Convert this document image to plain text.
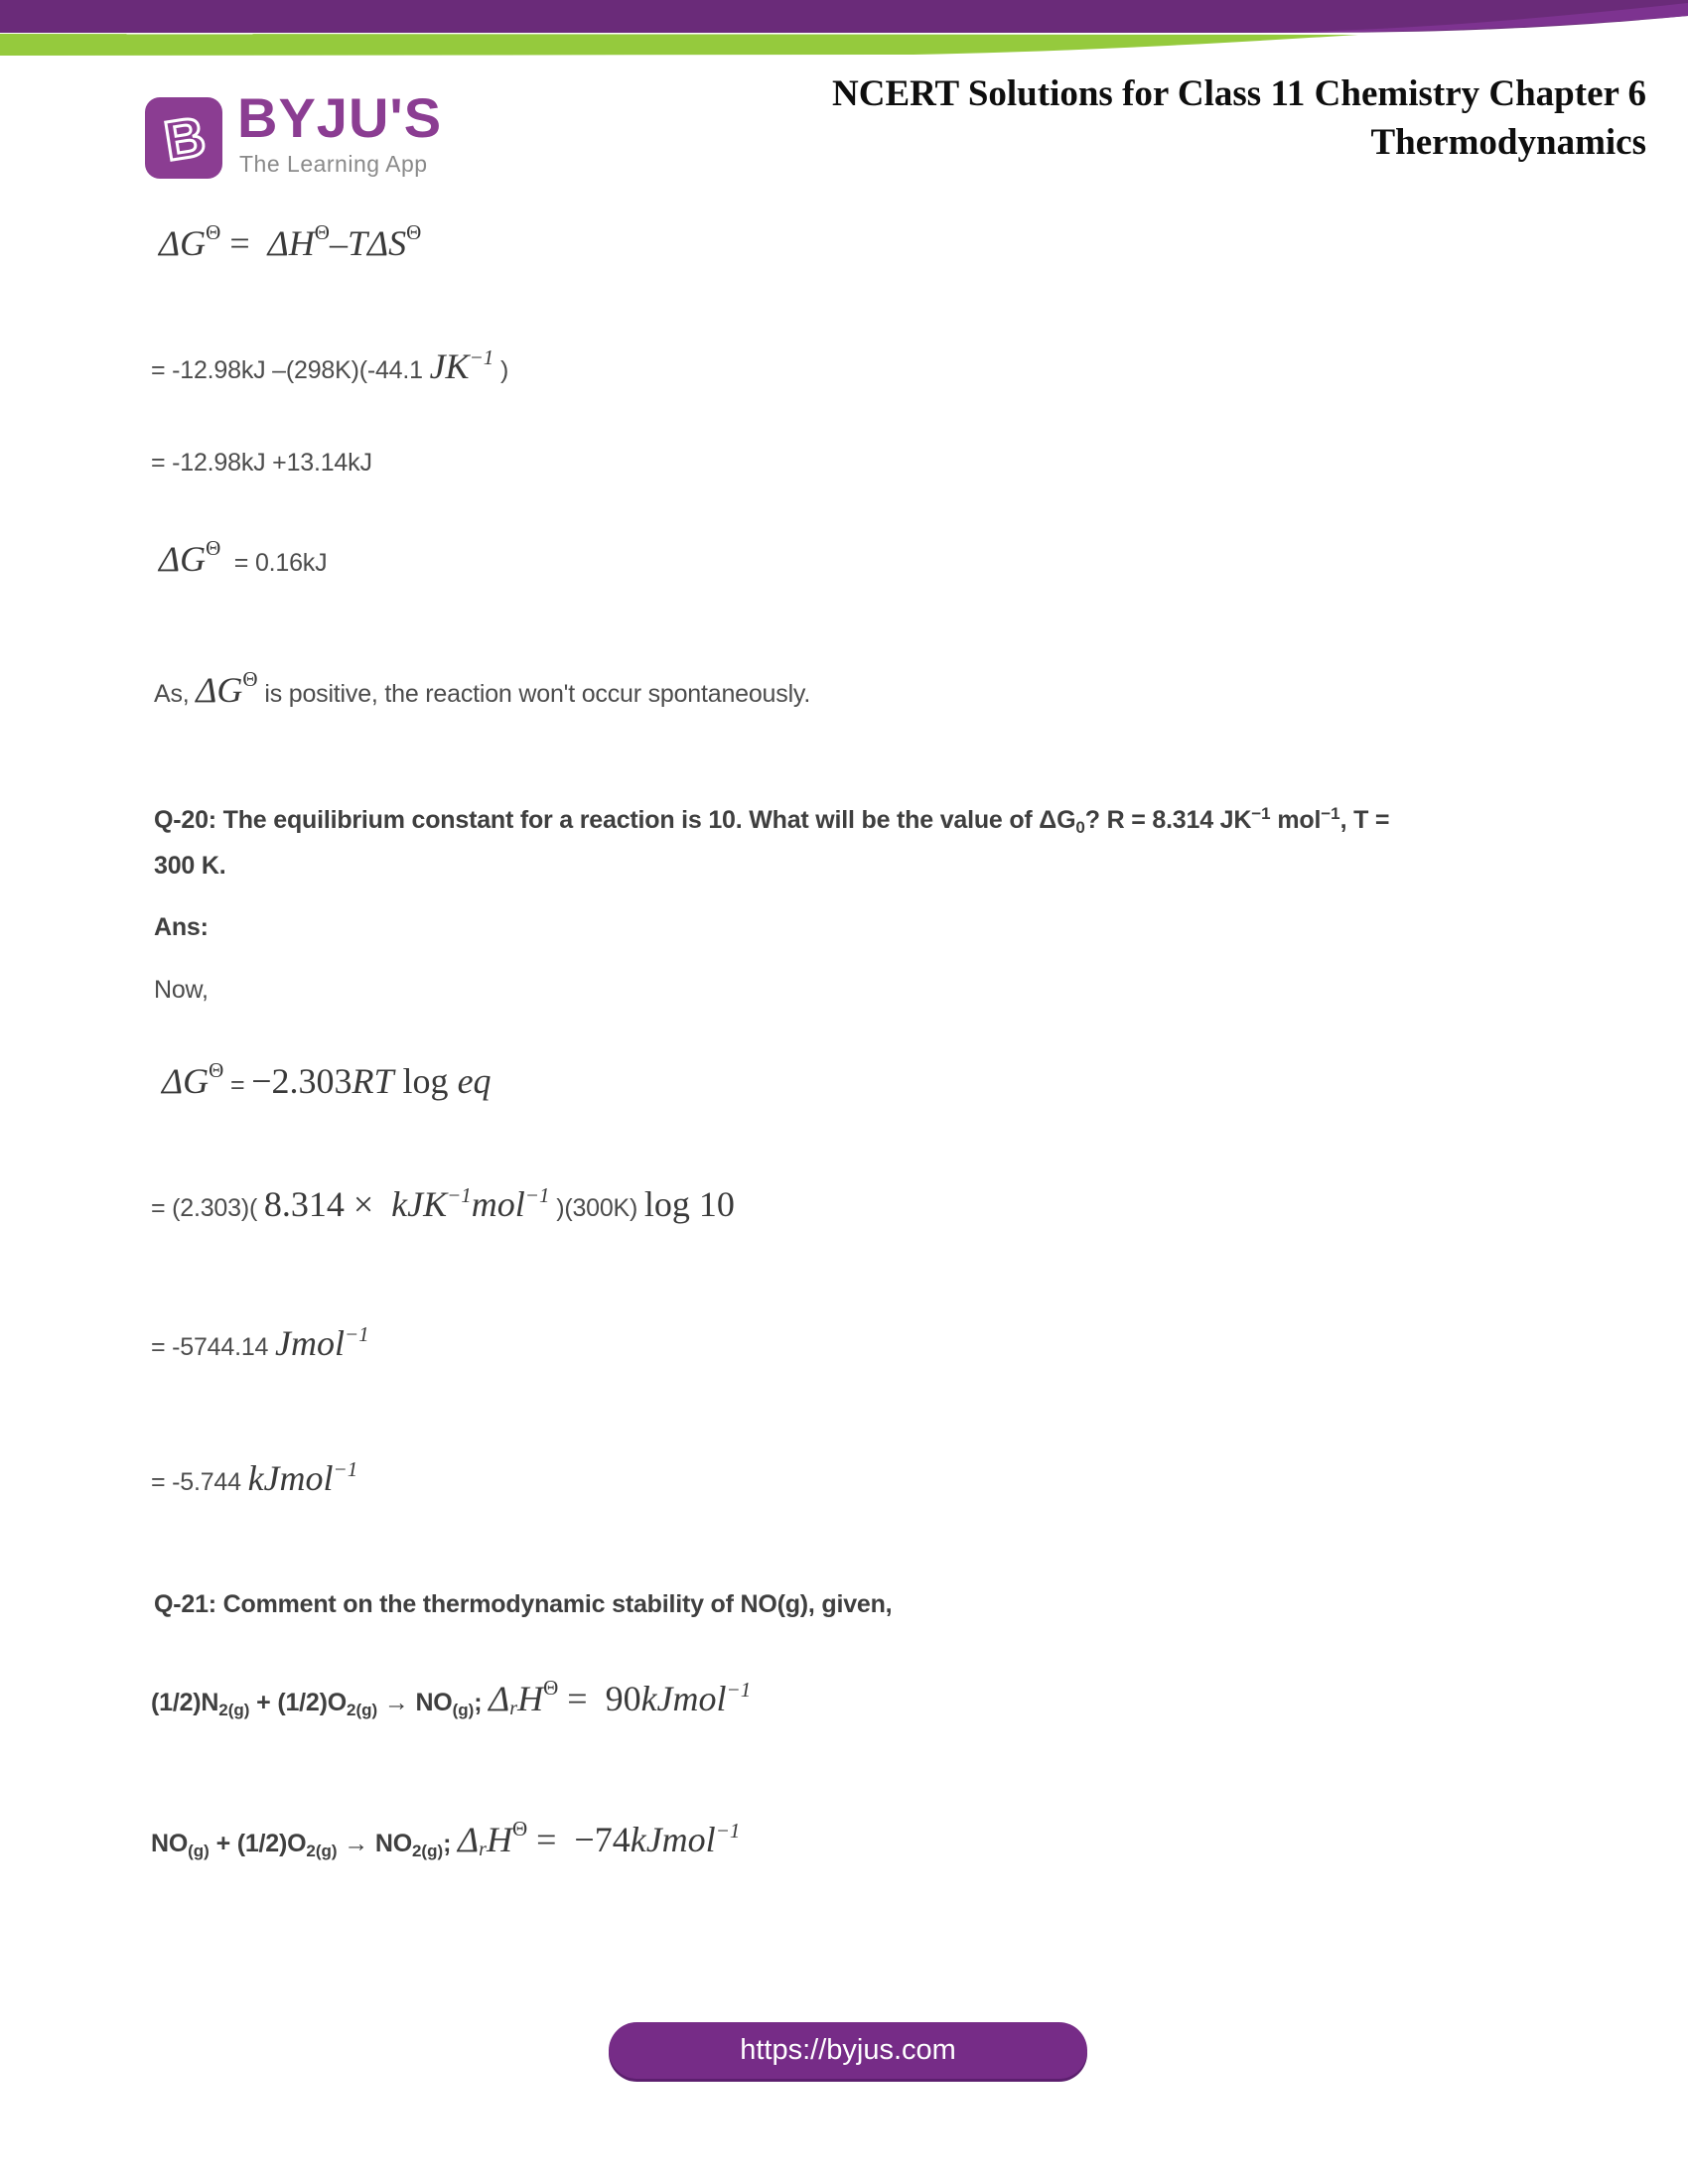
B BYJU'S
The Learning App
NCERT Solutions for Class 11 Chemistry Chapter 6
Thermodynamics
ΔGΘ =  ΔHΘ–TΔSΘ
= -12.98kJ –(298K)(-44.1 JK−1 )
= -12.98kJ +13.14kJ
ΔGΘ  = 0.16kJ
As, ΔGΘ is positive, the reaction won't occur spontaneously.
Q-20: The equilibrium constant for a reaction is 10. What will be the value of ΔG0? R = 8.314 JK−1 mol−1, T =
300 K.
Ans:
Now,
ΔGΘ = −2.303RT log eq
= (2.303)( 8.314 ×  kJK−1mol−1 )(300K) log 10
= -5744.14 Jmol−1
= -5.744 kJmol−1
Q-21: Comment on the thermodynamic stability of NO(g), given,
(1/2)N2(g) + (1/2)O2(g) → NO(g); ΔrHΘ =  90kJmol−1
NO(g) + (1/2)O2(g) → NO2(g); ΔrHΘ =  −74kJmol−1
https://byjus.com
